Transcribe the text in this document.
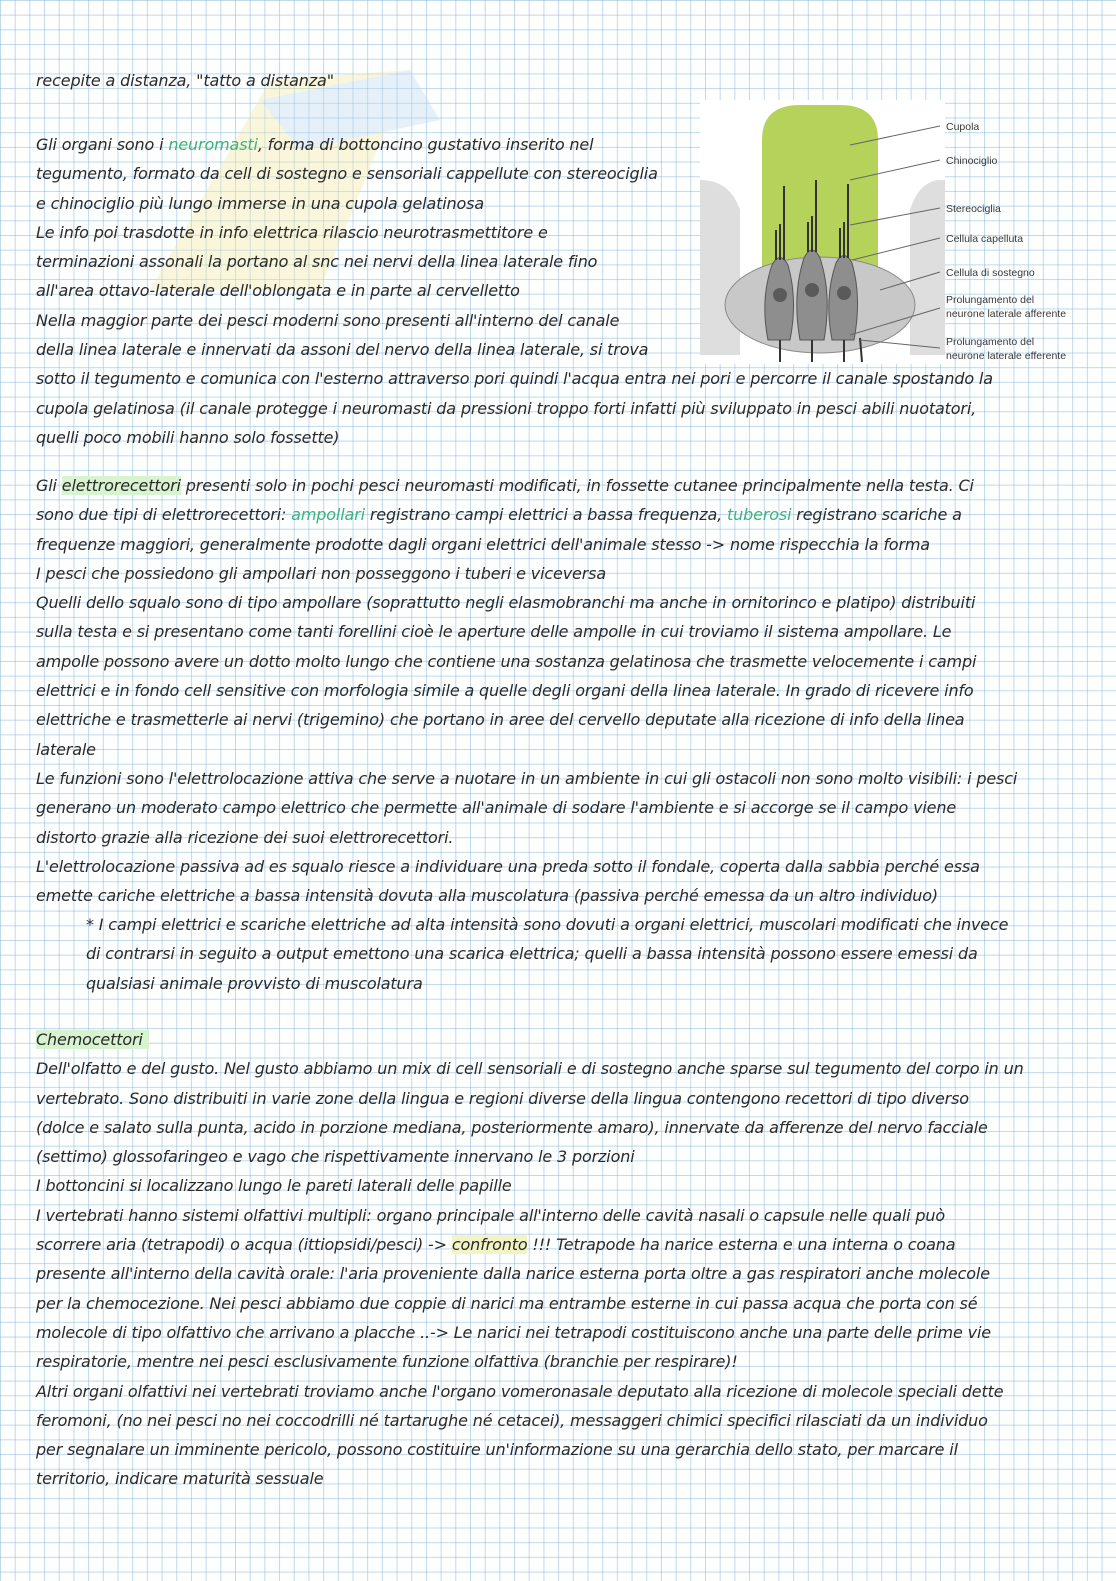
recepite a distanza, "tatto a distanza"

Gli organi sono i neuromasti, forma di bottoncino gustativo inserito nel
tegumento, formato da cell di sostegno e sensoriali cappellute con stereociglia
e chinociglio più lungo immerse in una cupola gelatinosa
Le info poi trasdotte in info elettrica rilascio neurotrasmettitore e
terminazioni assonali la portano al snc nei nervi della linea laterale fino
all'area ottavo-laterale dell'oblongata e in parte al cervelletto
Nella maggior parte dei pesci moderni sono presenti all'interno del canale
della linea laterale e innervati da assoni del nervo della linea laterale, si trova
sotto il tegumento e comunica con l'esterno attraverso pori quindi l'acqua entra nei pori e percorre il canale spostando la
cupola gelatinosa (il canale protegge i neuromasti da pressioni troppo forti infatti più sviluppato in pesci abili nuotatori,
quelli poco mobili hanno solo fossette)
Cupola
Chinociglio
Stereociglia
Cellula capelluta
Cellula di sostegno
Prolungamento del
neurone laterale afferente
Prolungamento del
neurone laterale efferente
Gli elettrorecettori presenti solo in pochi pesci neuromasti modificati, in fossette cutanee principalmente nella testa. Ci
sono due tipi di elettrorecettori: ampollari registrano campi elettrici a bassa frequenza, tuberosi registrano scariche a
frequenze maggiori, generalmente prodotte dagli organi elettrici dell'animale stesso -> nome rispecchia la forma
I pesci che possiedono gli ampollari non posseggono i tuberi e viceversa
Quelli dello squalo sono di tipo ampollare (soprattutto negli elasmobranchi ma anche in ornitorinco e platipo) distribuiti
sulla testa e si presentano come tanti forellini cioè le aperture delle ampolle in cui troviamo il sistema ampollare. Le
ampolle possono avere un dotto molto lungo che contiene una sostanza gelatinosa che trasmette velocemente i campi
elettrici e in fondo cell sensitive con morfologia simile a quelle degli organi della linea laterale. In grado di ricevere info
elettriche e trasmetterle ai nervi (trigemino) che portano in aree del cervello deputate alla ricezione di info della linea
laterale
Le funzioni sono l'elettrolocazione attiva che serve a nuotare in un ambiente in cui gli ostacoli non sono molto visibili: i pesci
generano un moderato campo elettrico che permette all'animale di sodare l'ambiente e si accorge se il campo viene
distorto grazie alla ricezione dei suoi elettrorecettori.
L'elettrolocazione passiva ad es squalo riesce a individuare una preda sotto il fondale, coperta dalla sabbia perché essa
emette cariche elettriche a bassa intensità dovuta alla muscolatura (passiva perché emessa da un altro individuo)
* I campi elettrici e scariche elettriche ad alta intensità sono dovuti a organi elettrici, muscolari modificati che invece
di contrarsi in seguito a output emettono una scarica elettrica; quelli a bassa intensità possono essere emessi da
qualsiasi animale provvisto di muscolatura
Chemocettori
Dell'olfatto e del gusto. Nel gusto abbiamo un mix di cell sensoriali e di sostegno anche sparse sul tegumento del corpo in un
vertebrato. Sono distribuiti in varie zone della lingua e regioni diverse della lingua contengono recettori di tipo diverso
(dolce e salato sulla punta, acido in porzione mediana, posteriormente amaro), innervate da afferenze del nervo facciale
(settimo) glossofaringeo e vago che rispettivamente innervano le 3 porzioni
I bottoncini si localizzano lungo le pareti laterali delle papille
I vertebrati hanno sistemi olfattivi multipli: organo principale all'interno delle cavità nasali o capsule nelle quali può
scorrere aria (tetrapodi) o acqua (ittiopsidi/pesci) -> confronto !!! Tetrapode ha narice esterna e una interna o coana
presente all'interno della cavità orale: l'aria proveniente dalla narice esterna porta oltre a gas respiratori anche molecole
per la chemocezione. Nei pesci abbiamo due coppie di narici ma entrambe esterne in cui passa acqua che porta con sé
molecole di tipo olfattivo che arrivano a placche ..-> Le narici nei tetrapodi costituiscono anche una parte delle prime vie
respiratorie, mentre nei pesci esclusivamente funzione olfattiva (branchie per respirare)!
Altri organi olfattivi nei vertebrati troviamo anche l'organo vomeronasale deputato alla ricezione di molecole speciali dette
feromoni, (no nei pesci no nei coccodrilli né tartarughe né cetacei), messaggeri chimici specifici rilasciati da un individuo
per segnalare un imminente pericolo, possono costituire un'informazione su una gerarchia dello stato, per marcare il
territorio, indicare maturità sessuale
